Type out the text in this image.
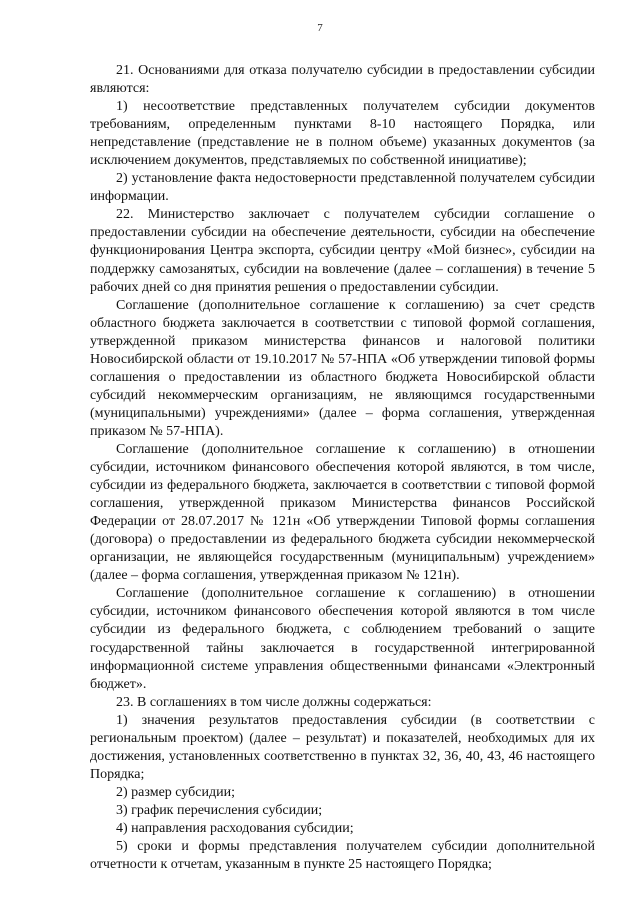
7

21. Основаниями для отказа получателю субсидии в предоставлении субсидии являются:

1) несоответствие представленных получателем субсидии документов требованиям, определенным пунктами 8-10 настоящего Порядка, или непредставление (представление не в полном объеме) указанных документов (за исключением документов, представляемых по собственной инициативе);

2) установление факта недостоверности представленной получателем субсидии информации.

22. Министерство заключает с получателем субсидии соглашение о предоставлении субсидии на обеспечение деятельности, субсидии на обеспечение функционирования Центра экспорта, субсидии центру «Мой бизнес», субсидии на поддержку самозанятых, субсидии на вовлечение (далее – соглашения) в течение 5 рабочих дней со дня принятия решения о предоставлении субсидии.

Соглашение (дополнительное соглашение к соглашению) за счет средств областного бюджета заключается в соответствии с типовой формой соглашения, утвержденной приказом министерства финансов и налоговой политики Новосибирской области от 19.10.2017 № 57-НПА «Об утверждении типовой формы соглашения о предоставлении из областного бюджета Новосибирской области субсидий некоммерческим организациям, не являющимся государственными (муниципальными) учреждениями» (далее – форма соглашения, утвержденная приказом № 57-НПА).

Соглашение (дополнительное соглашение к соглашению) в отношении субсидии, источником финансового обеспечения которой являются, в том числе, субсидии из федерального бюджета, заключается в соответствии с типовой формой соглашения, утвержденной приказом Министерства финансов Российской Федерации от 28.07.2017 № 121н «Об утверждении Типовой формы соглашения (договора) о предоставлении из федерального бюджета субсидии некоммерческой организации, не являющейся государственным (муниципальным) учреждением» (далее – форма соглашения, утвержденная приказом № 121н).

Соглашение (дополнительное соглашение к соглашению) в отношении субсидии, источником финансового обеспечения которой являются в том числе субсидии из федерального бюджета, с соблюдением требований о защите государственной тайны заключается в государственной интегрированной информационной системе управления общественными финансами «Электронный бюджет».

23. В соглашениях в том числе должны содержаться:

1) значения результатов предоставления субсидии (в соответствии с региональным проектом) (далее – результат) и показателей, необходимых для их достижения, установленных соответственно в пунктах 32, 36, 40, 43, 46 настоящего Порядка;

2) размер субсидии;

3) график перечисления субсидии;

4) направления расходования субсидии;

5) сроки и формы представления получателем субсидии дополнительной отчетности к отчетам, указанным в пункте 25 настоящего Порядка;
